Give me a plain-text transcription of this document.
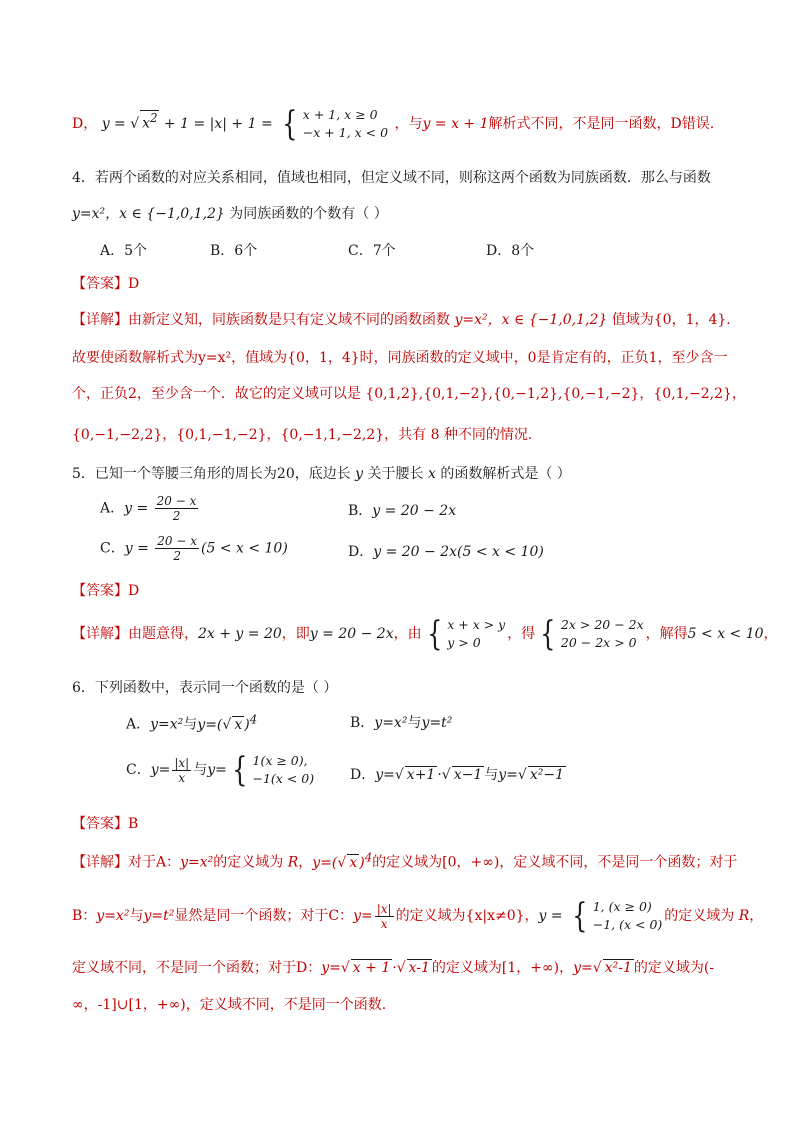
D， y = √ $x^2 + 1 = |x| + 1$ = { x + 1, x ≥ 0
−x + 1, x < 0
，与y = x + 1解析式不同，不是同一函数，D错误.
4．若两个函数的对应关系相同，值域也相同，但定义域不同，则称这两个函数为同族函数．那么与函数
y=x²，x ∈ {−1,0,1,2} 为同族函数的个数有（ ）
A．5个	B．6个	C．7个	D．8个
【答案】D
【详解】由新定义知，同族函数是只有定义域不同的函数函数 y=x²，x ∈ {−1,0,1,2} 值域为{0，1，4}.
故要使函数解析式为y=x²，值域为{0，1，4}时，同族函数的定义域中，0是肯定有的，正负1，至少含一
个，正负2，至少含一个．故它的定义域可以是 {0,1,2},{0,1,−2},{0,−1,2},{0,−1,−2}，{0,1,−2,2}，
{0,−1,−2,2}，{0,1,−1,−2}，{0,−1,1,−2,2}，共有 8 种不同的情况.
5．已知一个等腰三角形的周长为20，底边长 y 关于腰长 x 的函数解析式是（ ）
A．$y = \frac{20 - x}{2}$	B．y = 20 − 2x
C．$y = \frac{20 - x}{2} (5 < x < 10)$	D．y = 20 − 2x(5 < x < 10)
【答案】D
【详解】由题意得，2x + y = 20，即y = 20 − 2x，由 { x + x > y
y > 0
，得 { 2x > 20 − 2x
20 − 2x > 0
，解得5 < x < 10，
6．下列函数中，表示同一个函数的是（ ）
A．y=x²与y=(√ x )$^4$	B．y=x²与y=t²
C．$y= \frac{|x|}{x}$ 与y= { 1(x ≥ 0),
−1(x < 0)	D．y=√ x+1 ·√ x−1 与y=√ x²−1
【答案】B
【详解】对于A：y=x²的定义域为 R，y=(√ x )$^4$的定义域为[0，+∞)，定义域不同，不是同一个函数；对于
B：y=x²与y=t²显然是同一个函数；对于C：$y= \frac{|x|}{x}$ 的定义域为{x|x≠0}，y = { 1, (x ≥ 0)
−1, (x < 0)
的定义域为 R，
定义域不同，不是同一个函数；对于D：y=√ x + 1 ·√ x-1 的定义域为[1，+∞)，y=√ x²-1 的定义域为(-
∞，-1]∪[1，+∞)，定义域不同，不是同一个函数.
